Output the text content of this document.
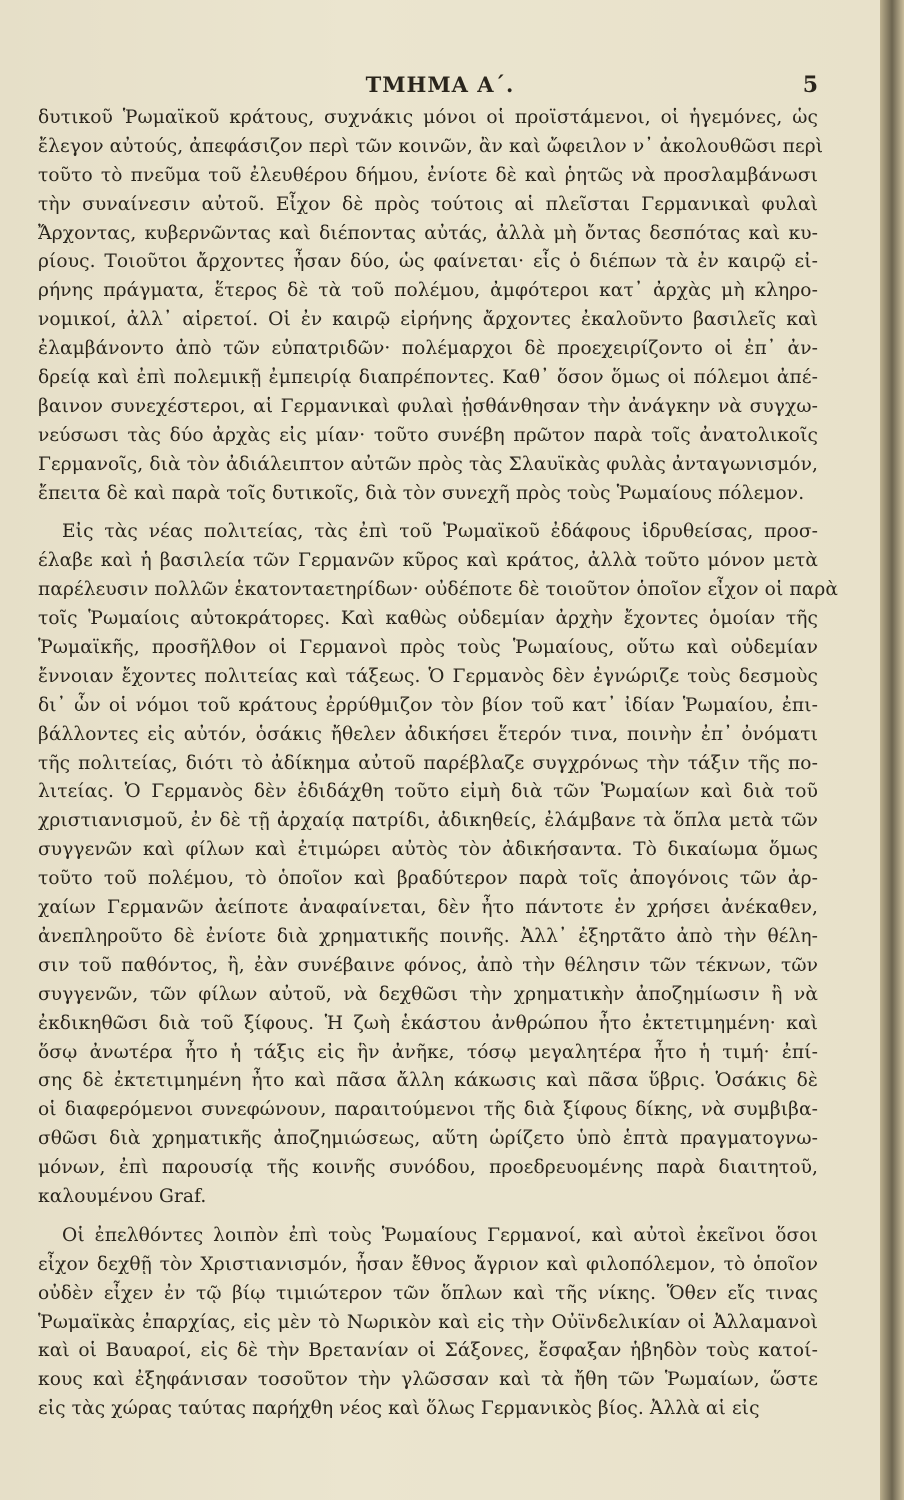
ΤΜΗΜΑ Α΄.	5
δυτικοῦ Ῥωμαϊκοῦ κράτους, συχνάκις μόνοι οἱ προϊστάμενοι, οἱ ἡγεμόνες, ὡς
ἔλεγον αὐτούς, ἀπεφάσιζον περὶ τῶν κοινῶν, ἂν καὶ ὤφειλον ν᾽ ἀκολουθῶσι περὶ
τοῦτο τὸ πνεῦμα τοῦ ἐλευθέρου δήμου, ἐνίοτε δὲ καὶ ῥητῶς νὰ προσλαμβάνωσι
τὴν συναίνεσιν αὐτοῦ. Εἶχον δὲ πρὸς τούτοις αἱ πλεῖσται Γερμανικαὶ φυλαὶ
Ἄρχοντας, κυβερνῶντας καὶ διέποντας αὐτάς, ἀλλὰ μὴ ὄντας δεσπότας καὶ κυ-
ρίους. Τοιοῦτοι ἄρχοντες ἦσαν δύο, ὡς φαίνεται· εἷς ὁ διέπων τὰ ἐν καιρῷ εἰ-
ρήνης πράγματα, ἕτερος δὲ τὰ τοῦ πολέμου, ἀμφότεροι κατ᾽ ἀρχὰς μὴ κληρο-
νομικοί, ἀλλ᾽ αἱρετοί. Οἱ ἐν καιρῷ εἰρήνης ἄρχοντες ἐκαλοῦντο βασιλεῖς καὶ
ἐλαμβάνοντο ἀπὸ τῶν εὐπατριδῶν· πολέμαρχοι δὲ προεχειρίζοντο οἱ ἐπ᾽ ἀν-
δρείᾳ καὶ ἐπὶ πολεμικῇ ἐμπειρίᾳ διαπρέποντες. Καθ᾽ ὅσον ὅμως οἱ πόλεμοι ἀπέ-
βαινον συνεχέστεροι, αἱ Γερμανικαὶ φυλαὶ ᾐσθάνθησαν τὴν ἀνάγκην νὰ συγχω-
νεύσωσι τὰς δύο ἀρχὰς εἰς μίαν· τοῦτο συνέβη πρῶτον παρὰ τοῖς ἀνατολικοῖς
Γερμανοῖς, διὰ τὸν ἀδιάλειπτον αὐτῶν πρὸς τὰς Σλαυϊκὰς φυλὰς ἀνταγωνισμόν,
ἔπειτα δὲ καὶ παρὰ τοῖς δυτικοῖς, διὰ τὸν συνεχῆ πρὸς τοὺς Ῥωμαίους πόλεμον.
Εἰς τὰς νέας πολιτείας, τὰς ἐπὶ τοῦ Ῥωμαϊκοῦ ἐδάφους ἱδρυθείσας, προσ-
έλαβε καὶ ἡ βασιλεία τῶν Γερμανῶν κῦρος καὶ κράτος, ἀλλὰ τοῦτο μόνον μετὰ
παρέλευσιν πολλῶν ἑκατονταετηρίδων· οὐδέποτε δὲ τοιοῦτον ὁποῖον εἶχον οἱ παρὰ
τοῖς Ῥωμαίοις αὐτοκράτορες. Καὶ καθὼς οὐδεμίαν ἀρχὴν ἔχοντες ὁμοίαν τῆς
Ῥωμαϊκῆς, προσῆλθον οἱ Γερμανοὶ πρὸς τοὺς Ῥωμαίους, οὕτω καὶ οὐδεμίαν
ἔννοιαν ἔχοντες πολιτείας καὶ τάξεως. Ὁ Γερμανὸς δὲν ἐγνώριζε τοὺς δεσμοὺς
δι᾽ ὧν οἱ νόμοι τοῦ κράτους ἐρρύθμιζον τὸν βίον τοῦ κατ᾽ ἰδίαν Ῥωμαίου, ἐπι-
βάλλοντες εἰς αὐτόν, ὁσάκις ἤθελεν ἀδικήσει ἕτερόν τινα, ποινὴν ἐπ᾽ ὀνόματι
τῆς πολιτείας, διότι τὸ ἀδίκημα αὐτοῦ παρέβλαζε συγχρόνως τὴν τάξιν τῆς πο-
λιτείας. Ὁ Γερμανὸς δὲν ἐδιδάχθη τοῦτο εἰμὴ διὰ τῶν Ῥωμαίων καὶ διὰ τοῦ
χριστιανισμοῦ, ἐν δὲ τῇ ἀρχαίᾳ πατρίδι, ἀδικηθείς, ἐλάμβανε τὰ ὅπλα μετὰ τῶν
συγγενῶν καὶ φίλων καὶ ἐτιμώρει αὐτὸς τὸν ἀδικήσαντα. Τὸ δικαίωμα ὅμως
τοῦτο τοῦ πολέμου, τὸ ὁποῖον καὶ βραδύτερον παρὰ τοῖς ἀπογόνοις τῶν ἀρ-
χαίων Γερμανῶν ἀείποτε ἀναφαίνεται, δὲν ἦτο πάντοτε ἐν χρήσει ἀνέκαθεν,
ἀνεπληροῦτο δὲ ἐνίοτε διὰ χρηματικῆς ποινῆς. Ἀλλ᾽ ἐξηρτᾶτο ἀπὸ τὴν θέλη-
σιν τοῦ παθόντος, ἢ, ἐὰν συνέβαινε φόνος, ἀπὸ τὴν θέλησιν τῶν τέκνων, τῶν
συγγενῶν, τῶν φίλων αὐτοῦ, νὰ δεχθῶσι τὴν χρηματικὴν ἀποζημίωσιν ἢ νὰ
ἐκδικηθῶσι διὰ τοῦ ξίφους. Ἡ ζωὴ ἑκάστου ἀνθρώπου ἦτο ἐκτετιμημένη· καὶ
ὅσῳ ἀνωτέρα ἦτο ἡ τάξις εἰς ἣν ἀνῆκε, τόσῳ μεγαλητέρα ἦτο ἡ τιμή· ἐπί-
σης δὲ ἐκτετιμημένη ἦτο καὶ πᾶσα ἄλλη κάκωσις καὶ πᾶσα ὕβρις. Ὁσάκις δὲ
οἱ διαφερόμενοι συνεφώνουν, παραιτούμενοι τῆς διὰ ξίφους δίκης, νὰ συμβιβα-
σθῶσι διὰ χρηματικῆς ἀποζημιώσεως, αὕτη ὡρίζετο ὑπὸ ἑπτὰ πραγματογνω-
μόνων, ἐπὶ παρουσίᾳ τῆς κοινῆς συνόδου, προεδρευομένης παρὰ διαιτητοῦ,
καλουμένου Graf.
Οἱ ἐπελθόντες λοιπὸν ἐπὶ τοὺς Ῥωμαίους Γερμανοί, καὶ αὐτοὶ ἐκεῖνοι ὅσοι
εἶχον δεχθῇ τὸν Χριστιανισμόν, ἦσαν ἔθνος ἄγριον καὶ φιλοπόλεμον, τὸ ὁποῖον
οὐδὲν εἶχεν ἐν τῷ βίῳ τιμιώτερον τῶν ὅπλων καὶ τῆς νίκης. Ὅθεν εἴς τινας
Ῥωμαϊκὰς ἐπαρχίας, εἰς μὲν τὸ Νωρικὸν καὶ εἰς τὴν Οὐϊνδελικίαν οἱ Ἀλλαμανοὶ
καὶ οἱ Βαυαροί, εἰς δὲ τὴν Βρετανίαν οἱ Σάξονες, ἔσφαξαν ἡβηδὸν τοὺς κατοί-
κους καὶ ἐξηφάνισαν τοσοῦτον τὴν γλῶσσαν καὶ τὰ ἤθη τῶν Ῥωμαίων, ὥστε
εἰς τὰς χώρας ταύτας παρήχθη νέος καὶ ὅλως Γερμανικὸς βίος. Ἀλλὰ αἱ εἰς
